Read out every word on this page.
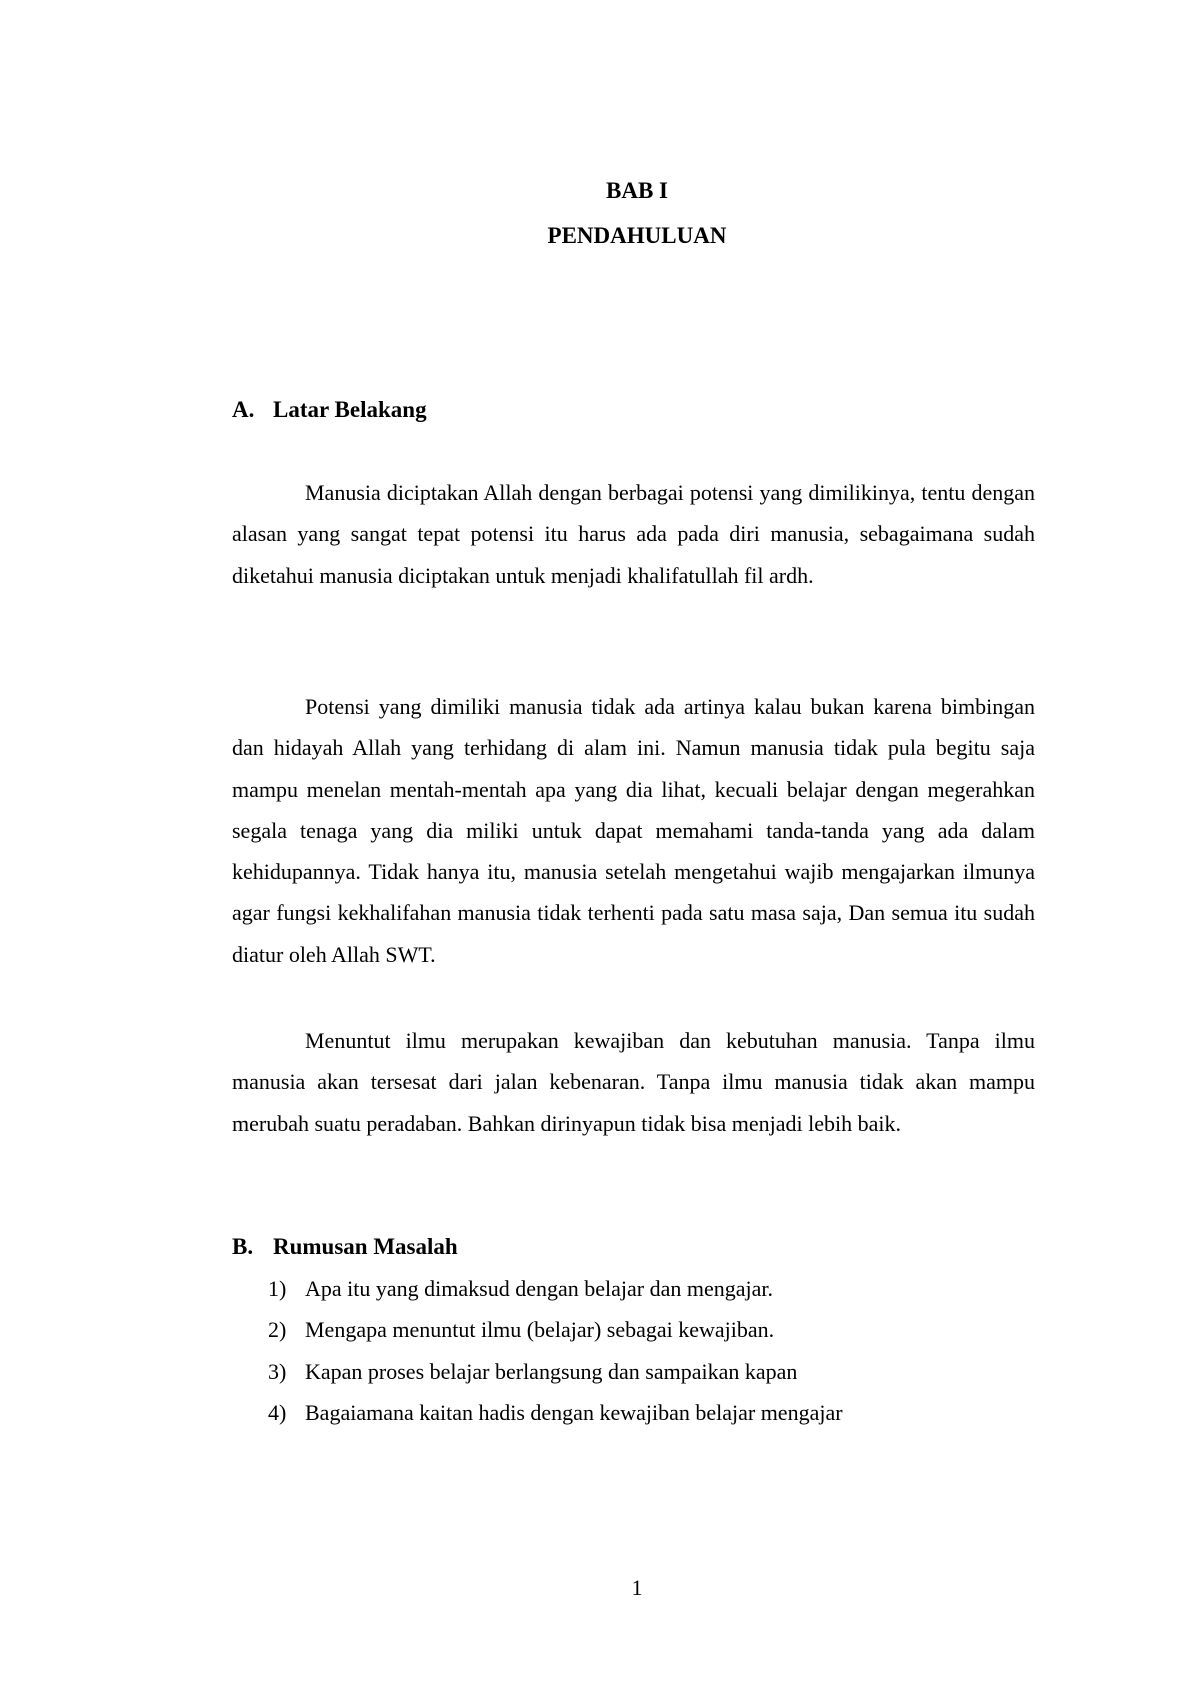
BAB I
PENDAHULUAN
A. Latar Belakang

Manusia diciptakan Allah dengan berbagai potensi yang dimilikinya, tentu dengan alasan yang sangat tepat potensi itu harus ada pada diri manusia, sebagaimana sudah diketahui manusia diciptakan untuk menjadi khalifatullah fil ardh.

Potensi yang dimiliki manusia tidak ada artinya kalau bukan karena bimbingan dan hidayah Allah yang terhidang di alam ini. Namun manusia tidak pula begitu saja mampu menelan mentah-mentah apa yang dia lihat, kecuali belajar dengan megerahkan segala tenaga yang dia miliki untuk dapat memahami tanda-tanda yang ada dalam kehidupannya. Tidak hanya itu, manusia setelah mengetahui wajib mengajarkan ilmunya agar fungsi kekhalifahan manusia tidak terhenti pada satu masa saja, Dan semua itu sudah diatur oleh Allah SWT.

Menuntut ilmu merupakan kewajiban dan kebutuhan manusia. Tanpa ilmu manusia akan tersesat dari jalan kebenaran. Tanpa ilmu manusia tidak akan mampu merubah suatu peradaban. Bahkan dirinyapun tidak bisa menjadi lebih baik.

B. Rumusan Masalah
1) Apa itu yang dimaksud dengan belajar dan mengajar.
2) Mengapa menuntut ilmu (belajar) sebagai kewajiban.
3) Kapan proses belajar berlangsung dan sampaikan kapan
4) Bagaiamana kaitan hadis dengan kewajiban belajar mengajar
1
